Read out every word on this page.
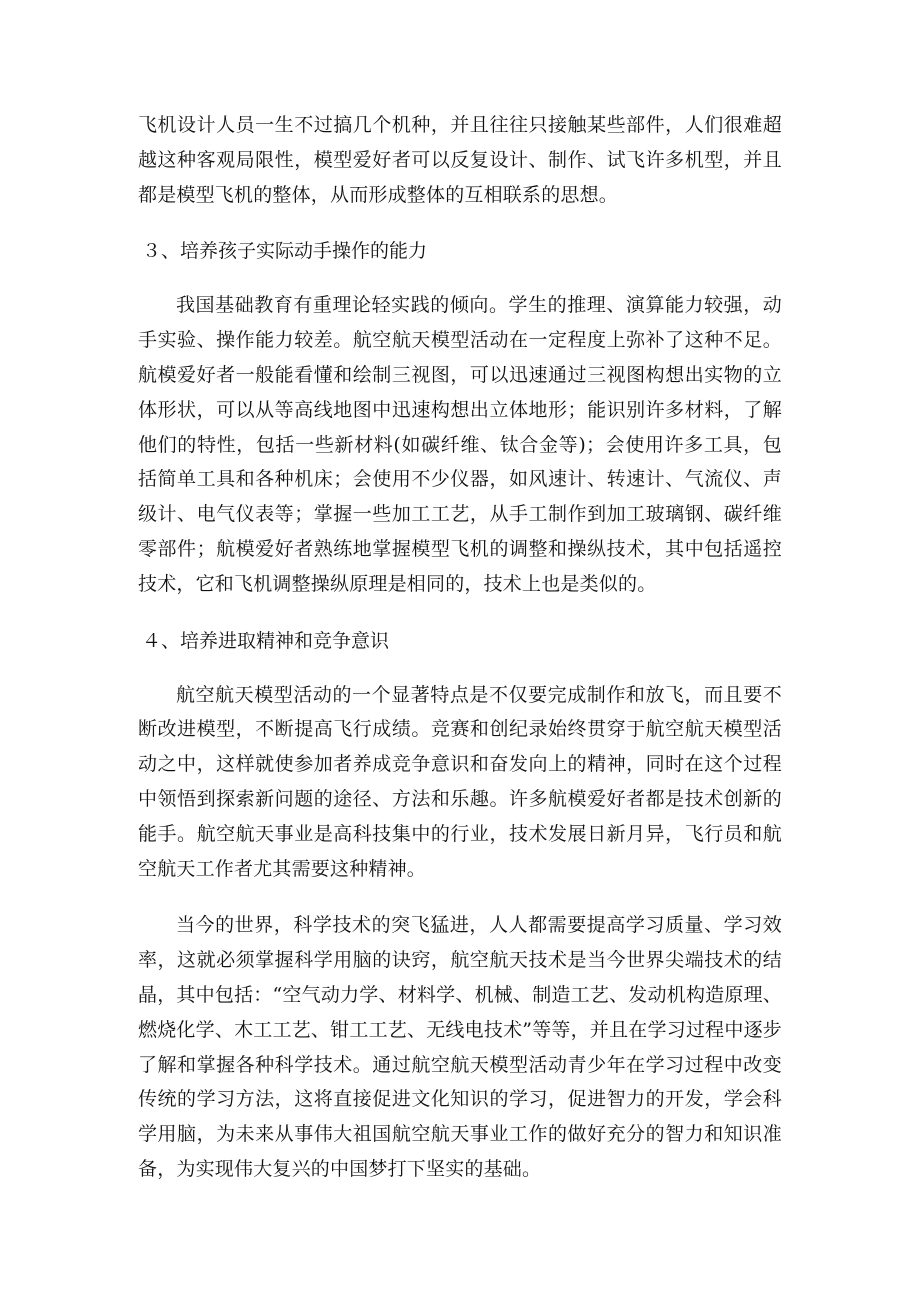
飞机设计人员一生不过搞几个机种，并且往往只接触某些部件，人们很难超越这种客观局限性，模型爱好者可以反复设计、制作、试飞许多机型，并且都是模型飞机的整体，从而形成整体的互相联系的思想。

３、培养孩子实际动手操作的能力

我国基础教育有重理论轻实践的倾向。学生的推理、演算能力较强，动手实验、操作能力较差。航空航天模型活动在一定程度上弥补了这种不足。航模爱好者一般能看懂和绘制三视图，可以迅速通过三视图构想出实物的立体形状，可以从等高线地图中迅速构想出立体地形；能识别许多材料，了解他们的特性，包括一些新材料(如碳纤维、钛合金等)；会使用许多工具，包括简单工具和各种机床；会使用不少仪器，如风速计、转速计、气流仪、声级计、电气仪表等；掌握一些加工工艺，从手工制作到加工玻璃钢、碳纤维零部件；航模爱好者熟练地掌握模型飞机的调整和操纵技术，其中包括遥控技术，它和飞机调整操纵原理是相同的，技术上也是类似的。

４、培养进取精神和竞争意识

航空航天模型活动的一个显著特点是不仅要完成制作和放飞，而且要不断改进模型，不断提高飞行成绩。竞赛和创纪录始终贯穿于航空航天模型活动之中，这样就使参加者养成竞争意识和奋发向上的精神，同时在这个过程中领悟到探索新问题的途径、方法和乐趣。许多航模爱好者都是技术创新的能手。航空航天事业是高科技集中的行业，技术发展日新月异，飞行员和航空航天工作者尤其需要这种精神。

当今的世界，科学技术的突飞猛进，人人都需要提高学习质量、学习效率，这就必须掌握科学用脑的诀窍，航空航天技术是当今世界尖端技术的结晶，其中包括：“空气动力学、材料学、机械、制造工艺、发动机构造原理、燃烧化学、木工工艺、钳工工艺、无线电技术”等等，并且在学习过程中逐步了解和掌握各种科学技术。通过航空航天模型活动青少年在学习过程中改变传统的学习方法，这将直接促进文化知识的学习，促进智力的开发，学会科学用脑，为未来从事伟大祖国航空航天事业工作的做好充分的智力和知识准备，为实现伟大复兴的中国梦打下坚实的基础。
